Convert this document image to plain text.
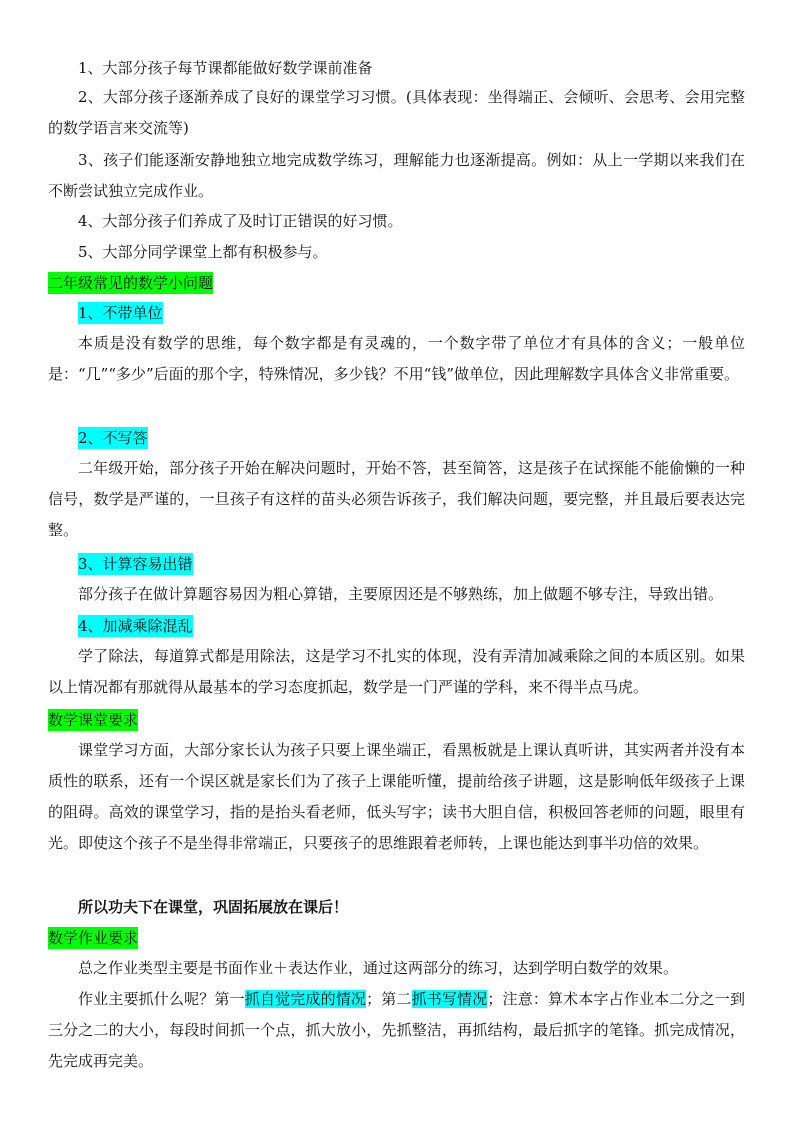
1、大部分孩子每节课都能做好数学课前准备
2、大部分孩子逐渐养成了良好的课堂学习习惯。(具体表现：坐得端正、会倾听、会思考、会用完整的数学语言来交流等)
3、孩子们能逐渐安静地独立地完成数学练习，理解能力也逐渐提高。例如：从上一学期以来我们在不断尝试独立完成作业。
4、大部分孩子们养成了及时订正错误的好习惯。
5、大部分同学课堂上都有积极参与。
二年级常见的数学小问题
1、不带单位
本质是没有数学的思维，每个数字都是有灵魂的，一个数字带了单位才有具体的含义；一般单位是：“几”“多少”后面的那个字，特殊情况，多少钱？不用“钱”做单位，因此理解数字具体含义非常重要。
2、不写答
二年级开始，部分孩子开始在解决问题时，开始不答，甚至简答，这是孩子在试探能不能偷懒的一种信号，数学是严谨的，一旦孩子有这样的苗头必须告诉孩子，我们解决问题，要完整，并且最后要表达完整。
3、计算容易出错
部分孩子在做计算题容易因为粗心算错，主要原因还是不够熟练，加上做题不够专注，导致出错。
4、加减乘除混乱
学了除法，每道算式都是用除法，这是学习不扎实的体现，没有弄清加减乘除之间的本质区别。如果以上情况都有那就得从最基本的学习态度抓起，数学是一门严谨的学科，来不得半点马虎。
数学课堂要求
课堂学习方面，大部分家长认为孩子只要上课坐端正，看黑板就是上课认真听讲，其实两者并没有本质性的联系，还有一个误区就是家长们为了孩子上课能听懂，提前给孩子讲题，这是影响低年级孩子上课的阻碍。高效的课堂学习，指的是抬头看老师，低头写字；读书大胆自信，积极回答老师的问题，眼里有光。即使这个孩子不是坐得非常端正，只要孩子的思维跟着老师转，上课也能达到事半功倍的效果。
所以功夫下在课堂，巩固拓展放在课后！
数学作业要求
总之作业类型主要是书面作业＋表达作业，通过这两部分的练习，达到学明白数学的效果。
作业主要抓什么呢？第一抓自觉完成的情况；第二抓书写情况；注意：算术本字占作业本二分之一到三分之二的大小，每段时间抓一个点，抓大放小，先抓整洁，再抓结构，最后抓字的笔锋。抓完成情况，先完成再完美。
